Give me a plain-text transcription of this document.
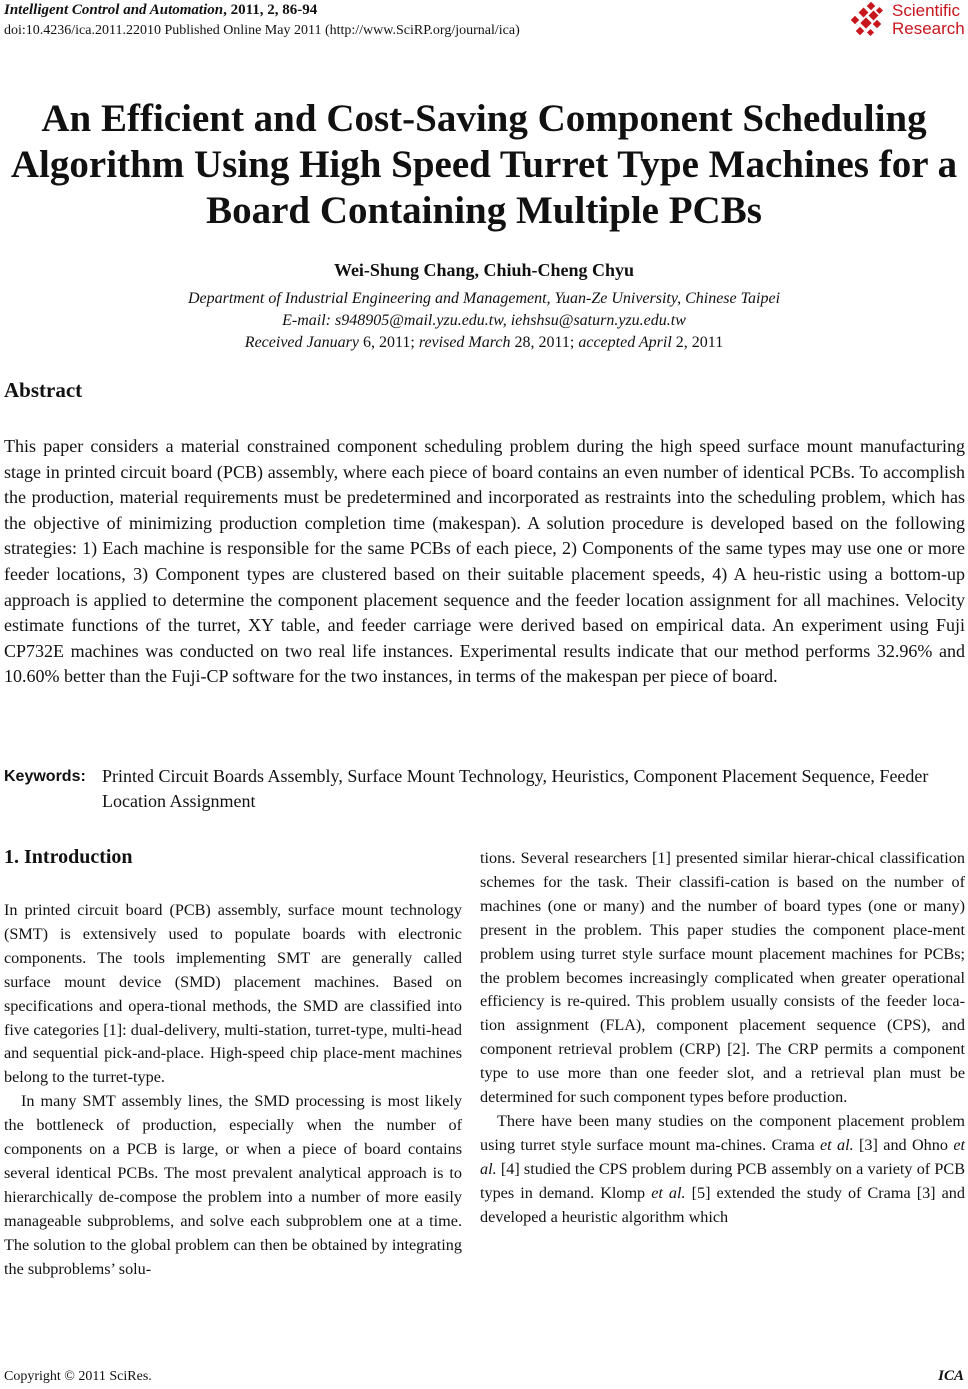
Intelligent Control and Automation, 2011, 2, 86-94
doi:10.4236/ica.2011.22010 Published Online May 2011 (http://www.SciRP.org/journal/ica)
Scientific
Research
An Efficient and Cost-Saving Component Scheduling
Algorithm Using High Speed Turret Type Machines for a
Board Containing Multiple PCBs
Wei-Shung Chang, Chiuh-Cheng Chyu
Department of Industrial Engineering and Management, Yuan-Ze University, Chinese Taipei
E-mail: s948905@mail.yzu.edu.tw, iehshsu@saturn.yzu.edu.tw
Received January 6, 2011; revised March 28, 2011; accepted April 2, 2011
Abstract
This paper considers a material constrained component scheduling problem during the high speed surface mount manufacturing stage in printed circuit board (PCB) assembly, where each piece of board contains an even number of identical PCBs. To accomplish the production, material requirements must be predetermined and incorporated as restraints into the scheduling problem, which has the objective of minimizing production completion time (makespan). A solution procedure is developed based on the following strategies: 1) Each machine is responsible for the same PCBs of each piece, 2) Components of the same types may use one or more feeder locations, 3) Component types are clustered based on their suitable placement speeds, 4) A heu-ristic using a bottom-up approach is applied to determine the component placement sequence and the feeder location assignment for all machines. Velocity estimate functions of the turret, XY table, and feeder carriage were derived based on empirical data. An experiment using Fuji CP732E machines was conducted on two real life instances. Experimental results indicate that our method performs 32.96% and 10.60% better than the Fuji-CP software for the two instances, in terms of the makespan per piece of board.
Keywords: Printed Circuit Boards Assembly, Surface Mount Technology, Heuristics, Component Placement Sequence, Feeder Location Assignment
1. Introduction

In printed circuit board (PCB) assembly, surface mount technology (SMT) is extensively used to populate boards with electronic components. The tools implementing SMT are generally called surface mount device (SMD) placement machines. Based on specifications and opera-tional methods, the SMD are classified into five categories [1]: dual-delivery, multi-station, turret-type, multi-head and sequential pick-and-place. High-speed chip place-ment machines belong to the turret-type.

In many SMT assembly lines, the SMD processing is most likely the bottleneck of production, especially when the number of components on a PCB is large, or when a piece of board contains several identical PCBs. The most prevalent analytical approach is to hierarchically de-compose the problem into a number of more easily manageable subproblems, and solve each subproblem one at a time. The solution to the global problem can then be obtained by integrating the subproblems’ solu-

tions. Several researchers [1] presented similar hierar-chical classification schemes for the task. Their classifi-cation is based on the number of machines (one or many) and the number of board types (one or many) present in the problem. This paper studies the component place-ment problem using turret style surface mount placement machines for PCBs; the problem becomes increasingly complicated when greater operational efficiency is re-quired. This problem usually consists of the feeder loca-tion assignment (FLA), component placement sequence (CPS), and component retrieval problem (CRP) [2]. The CRP permits a component type to use more than one feeder slot, and a retrieval plan must be determined for such component types before production.

There have been many studies on the component placement problem using turret style surface mount ma-chines. Crama et al. [3] and Ohno et al. [4] studied the CPS problem during PCB assembly on a variety of PCB types in demand. Klomp et al. [5] extended the study of Crama [3] and developed a heuristic algorithm which

Copyright © 2011 SciRes.	ICA
